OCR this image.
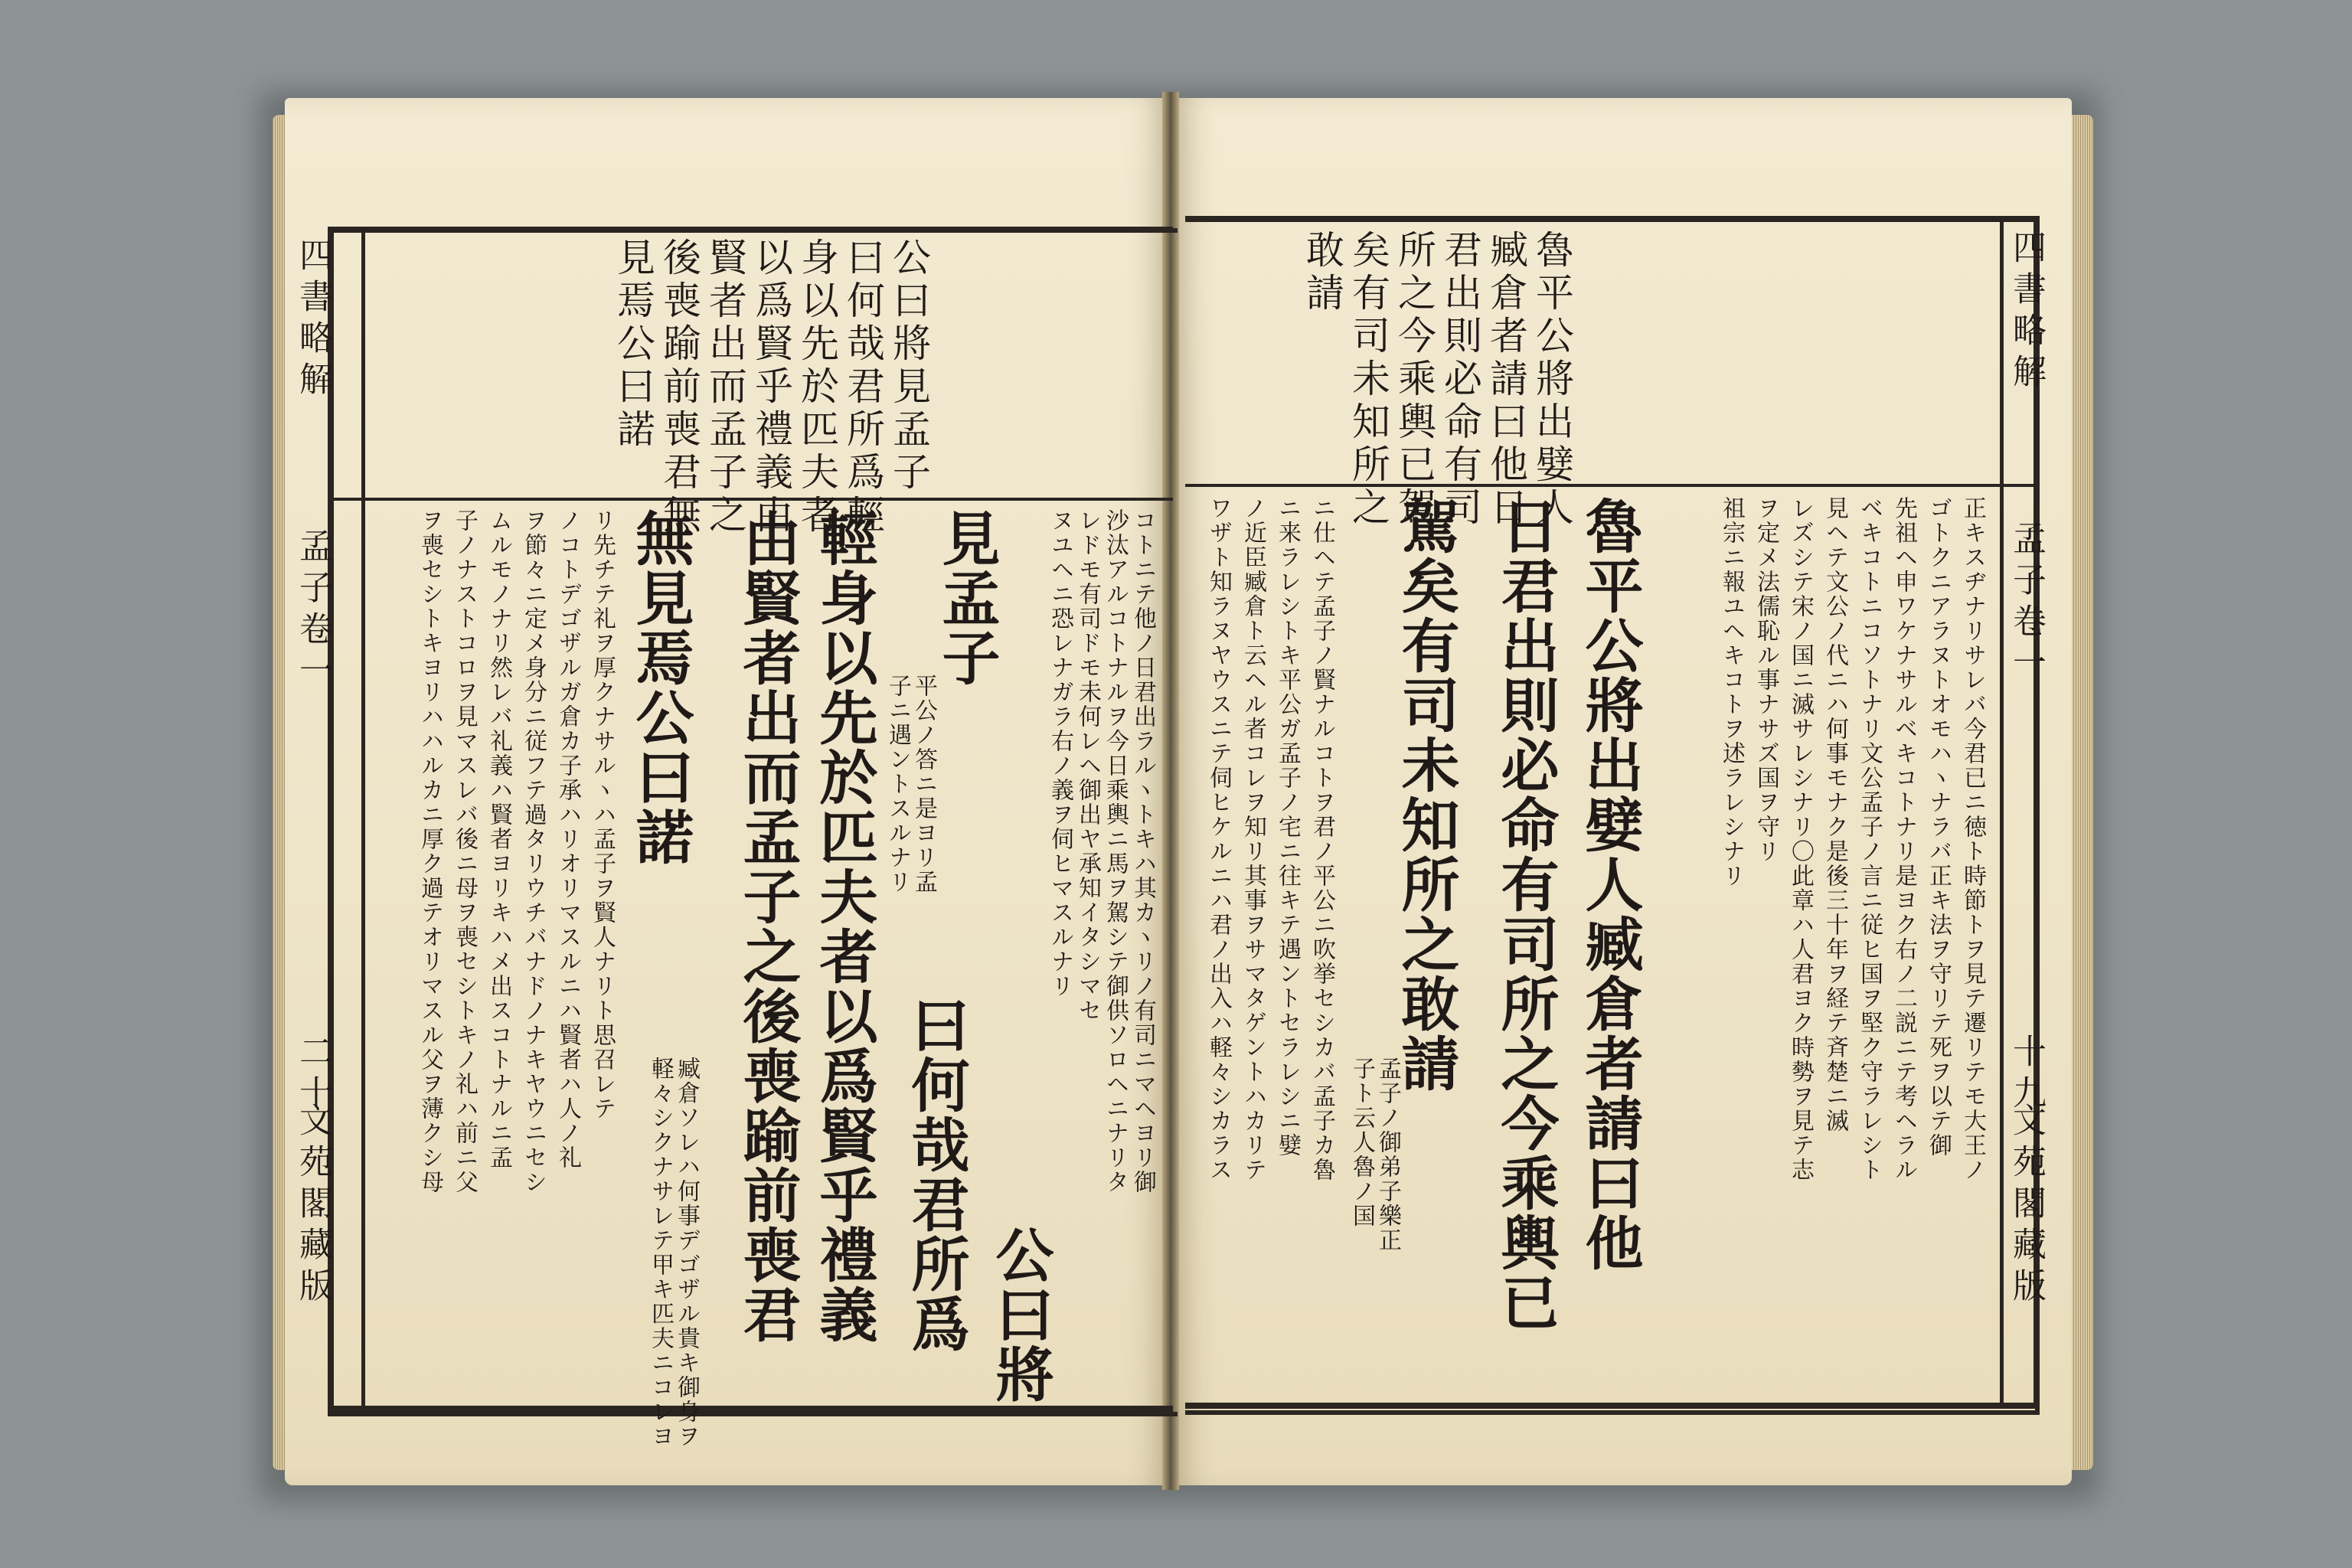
四書略解
孟子卷一
二十
文苑閣藏版
公曰將見孟子
曰何哉君所爲輕
身以先於匹夫者
以爲賢乎禮義由
賢者出而孟子之
後喪踰前喪君無
見焉公曰諾
コトニテ他ノ日君出ラルヽトキハ其カヽリノ有司ニマヘヨリ御
沙汰アルコトナルヲ今日乘輿ニ馬ヲ駕シテ御供ソロヘニナリタ
レドモ有司ドモ未何レヘ御出ヤ承知イタシマセ
ヌユヘニ恐レナガラ右ノ義ヲ伺ヒマスルナリ
見孟子
平公ノ答ニ是ヨリ孟
子ニ遇ントスルナリ
公曰將
曰何哉君所爲
輕身以先於匹夫者以爲賢乎禮義
由賢者出而孟子之後喪踰前喪君
無見焉公曰諾
臧倉ソレハ何事デゴザル貴キ御身ヲ
軽々シクナサレテ甲キ匹夫ニコレヨ
リ先チテ礼ヲ厚クナサルヽハ孟子ヲ賢人ナリト思召レテ
ノコトデゴザルガ倉カ子承ハリオリマスルニハ賢者ハ人ノ礼
ヲ節々ニ定メ身分ニ従フテ過タリウチバナドノナキヤウニセシ
ムルモノナリ然レバ礼義ハ賢者ヨリキハメ出スコトナルニ孟
子ノナストコロヲ見マスレバ後ニ母ヲ喪セシトキノ礼ハ前ニ父
ヲ喪セシトキヨリハハルカニ厚ク過テオリマスル父ヲ薄クシ母
四書略解
孟子卷一
十九
文苑閣藏版
魯平公將出嬖人
臧倉者請曰他日
君出則必命有司
所之今乘輿已駕
矣有司未知所之
敢請
正キスヂナリサレバ今君已ニ徳ト時節トヲ見テ遷リテモ大王ノ
ゴトクニアラヌトオモハヽナラバ正キ法ヲ守リテ死ヲ以テ御
先祖ヘ申ワケナサルベキコトナリ是ヨク右ノ二説ニテ考ヘラル
ベキコトニコソトナリ文公孟子ノ言ニ従ヒ国ヲ堅ク守ラレシト
見ヘテ文公ノ代ニハ何事モナク是後三十年ヲ経テ斉楚ニ滅
レズシテ宋ノ国ニ滅サレシナリ〇此章ハ人君ヨク時勢ヲ見テ志
ヲ定メ法儒恥ル事ナサズ国ヲ守リ
祖宗ニ報ユヘキコトヲ述ラレシナリ
魯平公將出嬖人臧倉者請曰他
日君出則必命有司所之今乘輿已
駕矣有司未知所之敢請
孟子ノ御弟子樂正
子ト云人魯ノ国
ニ仕ヘテ孟子ノ賢ナルコトヲ君ノ平公ニ吹挙セシカバ孟子カ魯
ニ来ラレシトキ平公ガ孟子ノ宅ニ往キテ遇ントセラレシニ嬖
ノ近臣臧倉ト云ヘル者コレヲ知リ其事ヲサマタゲントハカリテ
ワザト知ラヌヤウスニテ伺ヒケルニハ君ノ出入ハ軽々シカラス
